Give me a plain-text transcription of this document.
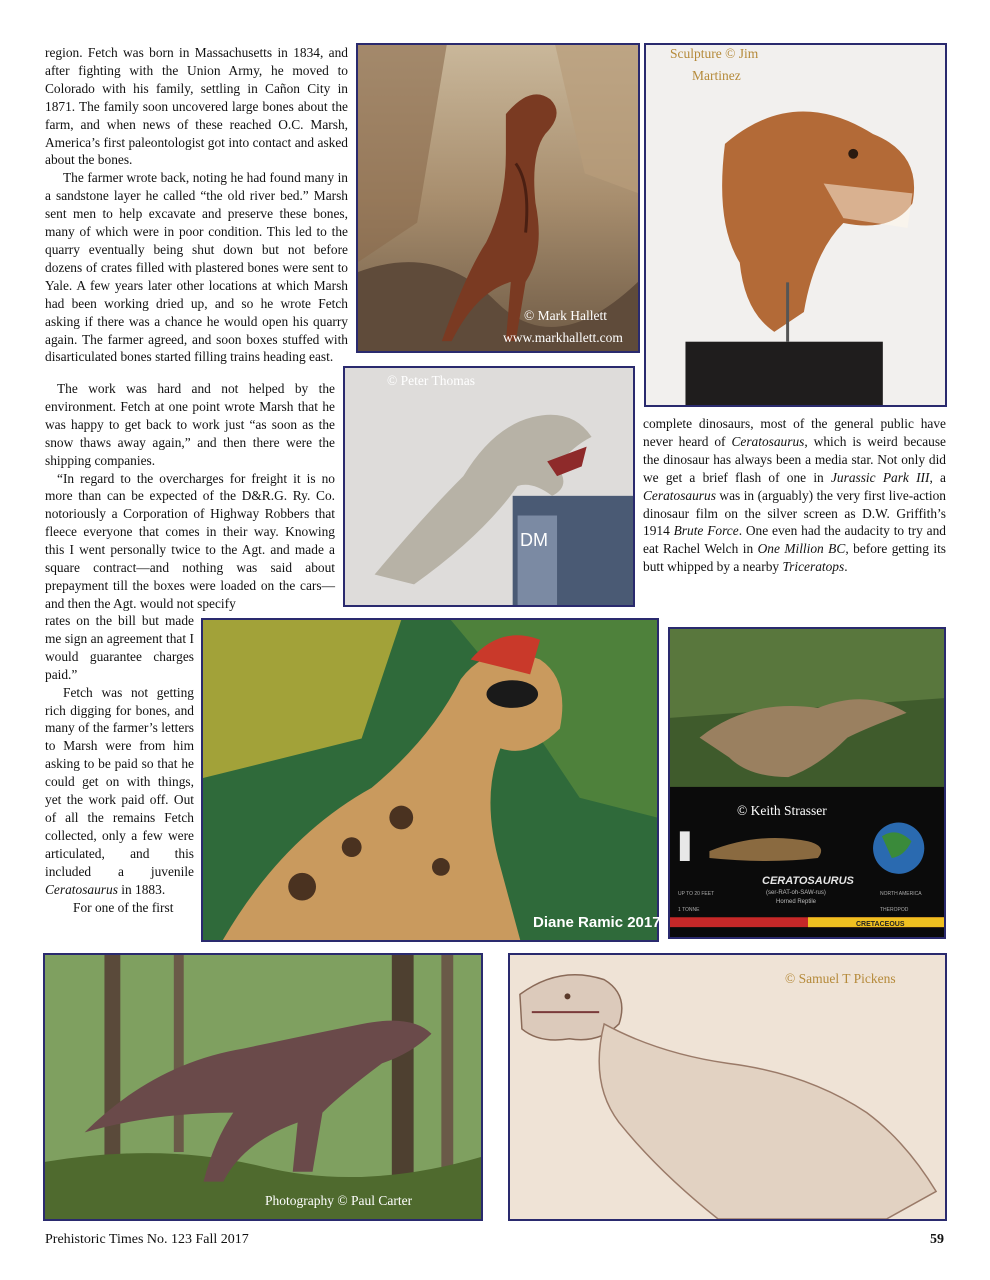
region. Fetch was born in Massachusetts in 1834, and after fighting with the Union Army, he moved to Colorado with his family, settling in Cañon City in 1871. The family soon uncovered large bones about the farm, and when news of these reached O.C. Marsh, America’s first paleontologist got into contact and asked about the bones.

The farmer wrote back, noting he had found many in a sandstone layer he called “the old river bed.” Marsh sent men to help excavate and preserve these bones, many of which were in poor condition. This led to the quarry eventually being shut down but not before dozens of crates filled with plastered bones were sent to Yale. A few years later other locations at which Marsh had been working dried up, and so he wrote Fetch asking if there was a chance he would open his quarry again. The farmer agreed, and soon boxes stuffed with disarticulated bones started filling trains heading east.

The work was hard and not helped by the environment. Fetch at one point wrote Marsh that he was happy to get back to work just “as soon as the snow thaws away again,” and then there were the shipping companies.

“In regard to the overcharges for freight it is no more than can be expected of the D&R.G. Ry. Co. notoriously a Corporation of Highway Robbers that fleece everyone that comes in their way. Knowing this I went personally twice to the Agt. and made a square contract—and nothing was said about prepayment till the boxes were loaded on the cars—and then the Agt. would not specify

rates on the bill but made me sign an agreement that I would guarantee charges paid.”

Fetch was not getting rich digging for bones, and many of the farmer’s letters to Marsh were from him asking to be paid so that he could get on with things, yet the work paid off. Out of all the remains Fetch collected, only a few were articulated, and this included a juvenile Ceratosaurus in 1883.

For one of the first

complete dinosaurs, most of the general public have never heard of Ceratosaurus, which is weird because the dinosaur has always been a media star. Not only did we get a brief flash of one in Jurassic Park III, a Ceratosaurus was in (arguably) the very first live-action dinosaur film on the silver screen as D.W. Griffith’s 1914 Brute Force. One even had the audacity to try and eat Rachel Welch in One Million BC, before getting its butt whipped by a nearby Triceratops.

© Mark Hallett
www.markhallett.com
Sculpture © Jim
Martinez
© Peter Thomas
DM
Diane Ramic 2017
CERATOSAURUS
(ser-RAT-oh-SAW-rus)
Horned Reptile
UP TO 20 FEET
1 TONNE
NORTH AMERICA
THEROPOD
CRETACEOUS
© Keith Strasser
Photography © Paul Carter
© Samuel T Pickens
Prehistoric Times No. 123 Fall 2017	59
